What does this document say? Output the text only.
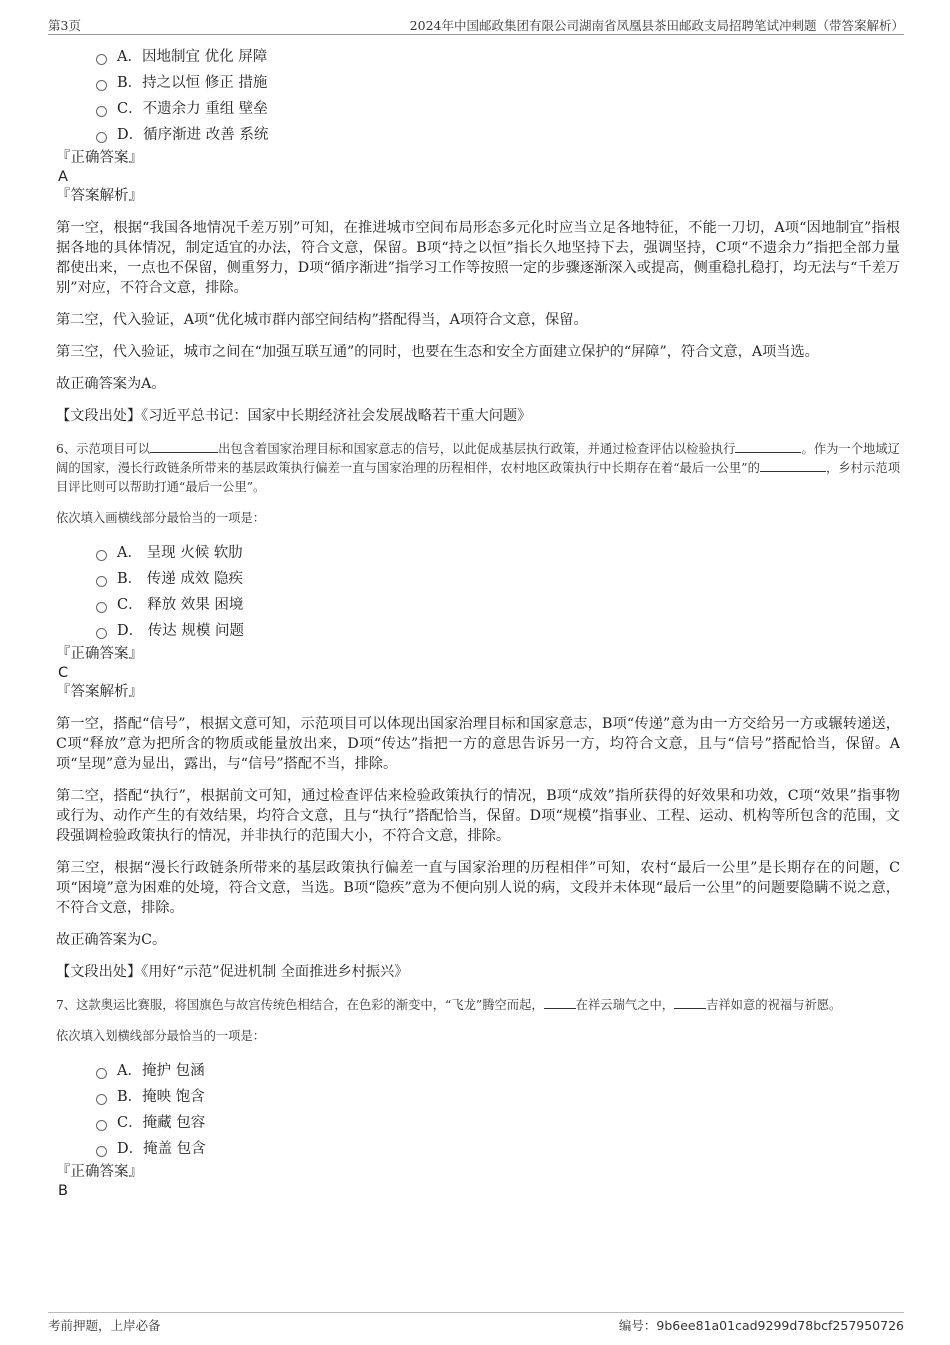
第3页	2024年中国邮政集团有限公司湖南省凤凰县茶田邮政支局招聘笔试冲刺题（带答案解析）
A．因地制宜 优化 屏障
B．持之以恒 修正 措施
C．不遗余力 重组 壁垒
D．循序渐进 改善 系统
『正确答案』
A
『答案解析』

第一空，根据“我国各地情况千差万别”可知，在推进城市空间布局形态多元化时应当立足各地特征，不能一刀切，A项“因地制宜”指根据各地的具体情况，制定适宜的办法，符合文意，保留。B项“持之以恒”指长久地坚持下去，强调坚持，C项“不遗余力”指把全部力量都使出来，一点也不保留，侧重努力，D项“循序渐进”指学习工作等按照一定的步骤逐渐深入或提高，侧重稳扎稳打，均无法与“千差万别”对应，不符合文意，排除。

第二空，代入验证，A项“优化城市群内部空间结构”搭配得当，A项符合文意，保留。

第三空，代入验证，城市之间在“加强互联互通”的同时，也要在生态和安全方面建立保护的“屏障”，符合文意，A项当选。

故正确答案为A。

【文段出处】《习近平总书记：国家中长期经济社会发展战略若干重大问题》

6、示范项目可以	出包含着国家治理目标和国家意志的信号，以此促成基层执行政策，并通过检查评估以检验执行	。作为一个地域辽阔的国家，漫长行政链条所带来的基层政策执行偏差一直与国家治理的历程相伴，农村地区政策执行中长期存在着“最后一公里”的	，乡村示范项目评比则可以帮助打通“最后一公里”。

依次填入画横线部分最恰当的一项是：

A． 呈现 火候 软肋
B． 传递 成效 隐疾
C． 释放 效果 困境
D． 传达 规模 问题
『正确答案』
C
『答案解析』

第一空，搭配“信号”，根据文意可知，示范项目可以体现出国家治理目标和国家意志，B项“传递”意为由一方交给另一方或辗转递送，C项“释放”意为把所含的物质或能量放出来，D项“传达”指把一方的意思告诉另一方，均符合文意，且与“信号”搭配恰当，保留。A项“呈现”意为显出，露出，与“信号”搭配不当，排除。

第二空，搭配“执行”，根据前文可知，通过检查评估来检验政策执行的情况，B项“成效”指所获得的好效果和功效，C项“效果”指事物或行为、动作产生的有效结果，均符合文意，且与“执行”搭配恰当，保留。D项“规模”指事业、工程、运动、机构等所包含的范围，文段强调检验政策执行的情况，并非执行的范围大小，不符合文意，排除。

第三空，根据“漫长行政链条所带来的基层政策执行偏差一直与国家治理的历程相伴”可知，农村“最后一公里”是长期存在的问题，C项“困境”意为困难的处境，符合文意，当选。B项“隐疾”意为不便向别人说的病，文段并未体现“最后一公里”的问题要隐瞒不说之意，不符合文意，排除。

故正确答案为C。

【文段出处】《用好“示范”促进机制 全面推进乡村振兴》

7、这款奥运比赛服，将国旗色与故宫传统色相结合，在色彩的渐变中，“飞龙”腾空而起，	在祥云瑞气之中，	吉祥如意的祝福与祈愿。

依次填入划横线部分最恰当的一项是：

A．掩护 包涵
B．掩映 饱含
C．掩藏 包容
D．掩盖 包含
『正确答案』
B
考前押题，上岸必备	编号：9b6ee81a01cad9299d78bcf257950726
